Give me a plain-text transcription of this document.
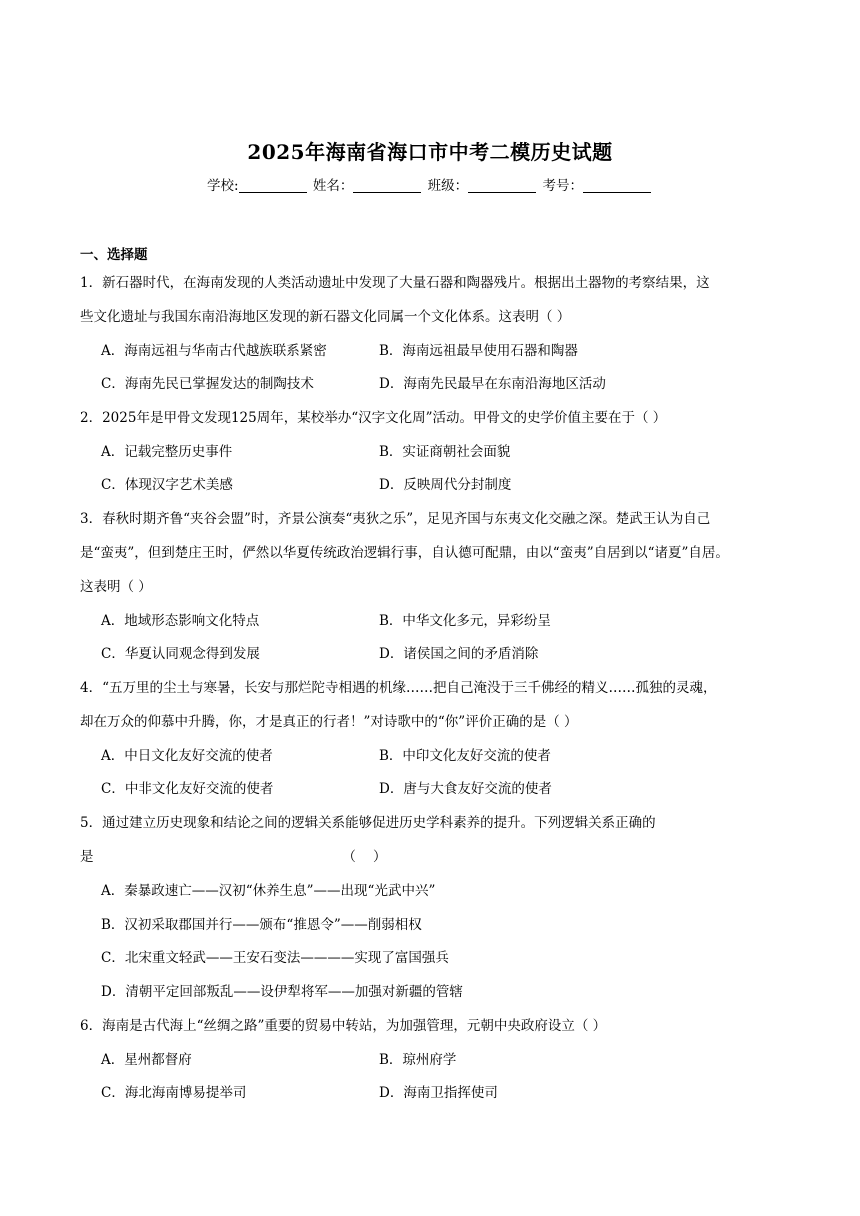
2025年海南省海口市中考二模历史试题
学校:	姓名：	班级：	考号：
一、选择题
1．新石器时代，在海南发现的人类活动遗址中发现了大量石器和陶器残片。根据出土器物的考察结果，这
些文化遗址与我国东南沿海地区发现的新石器文化同属一个文化体系。这表明（ ）
A．海南远祖与华南古代越族联系紧密	B．海南远祖最早使用石器和陶器
C．海南先民已掌握发达的制陶技术	D．海南先民最早在东南沿海地区活动
2．2025年是甲骨文发现125周年，某校举办“汉字文化周”活动。甲骨文的史学价值主要在于（ ）
A．记载完整历史事件	B．实证商朝社会面貌
C．体现汉字艺术美感	D．反映周代分封制度
3．春秋时期齐鲁“夹谷会盟”时，齐景公演奏“夷狄之乐”，足见齐国与东夷文化交融之深。楚武王认为自己
是“蛮夷”，但到楚庄王时，俨然以华夏传统政治逻辑行事，自认德可配鼎，由以“蛮夷”自居到以“诸夏”自居。
这表明（ ）
A．地域形态影响文化特点	B．中华文化多元，异彩纷呈
C．华夏认同观念得到发展	D．诸侯国之间的矛盾消除
4．“五万里的尘土与寒暑，长安与那烂陀寺相遇的机缘……把自己淹没于三千佛经的精义……孤独的灵魂，
却在万众的仰慕中升腾，你，才是真正的行者！”对诗歌中的“你”评价正确的是（ ）
A．中日文化友好交流的使者	B．中印文化友好交流的使者
C．中非文化友好交流的使者	D．唐与大食友好交流的使者
5．通过建立历史现象和结论之间的逻辑关系能够促进历史学科素养的提升。下列逻辑关系正确的
是                                                          （    ）
A．秦暴政速亡——汉初“休养生息”——出现“光武中兴”
B．汉初采取郡国并行——颁布“推恩令”——削弱相权
C．北宋重文轻武——王安石变法————实现了富国强兵
D．清朝平定回部叛乱——设伊犁将军——加强对新疆的管辖
6．海南是古代海上“丝绸之路”重要的贸易中转站，为加强管理，元朝中央政府设立（ ）
A．星州都督府	B．琼州府学
C．海北海南博易提举司	D．海南卫指挥使司
